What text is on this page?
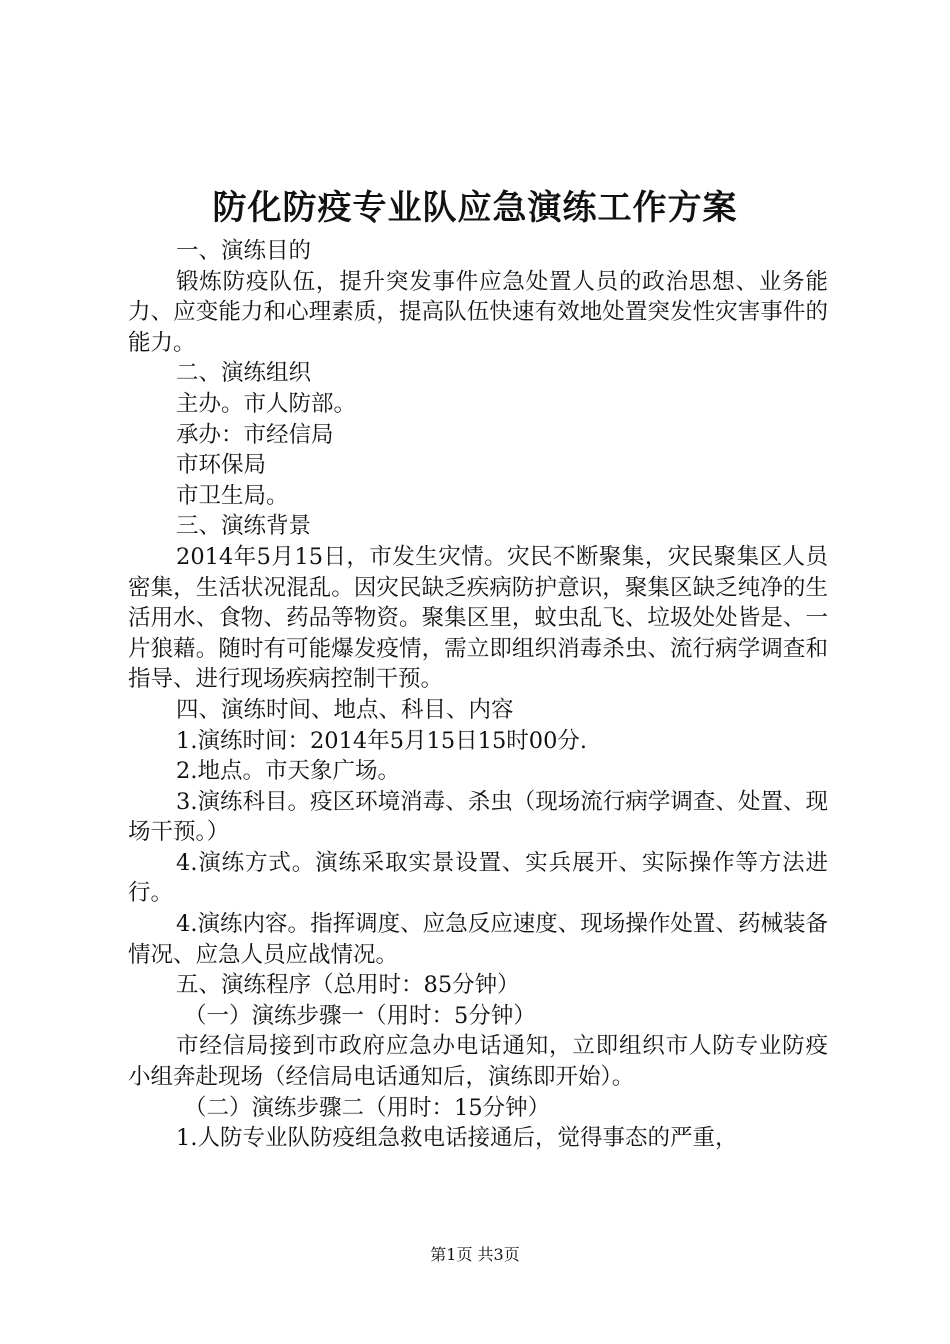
防化防疫专业队应急演练工作方案

一、演练目的

锻炼防疫队伍，提升突发事件应急处置人员的政治思想、业务能力、应变能力和心理素质，提高队伍快速有效地处置突发性灾害事件的能力。

二、演练组织

主办。市人防部。

承办：市经信局

市环保局

市卫生局。

三、演练背景

2014年5月15日，市发生灾情。灾民不断聚集，灾民聚集区人员密集，生活状况混乱。因灾民缺乏疾病防护意识，聚集区缺乏纯净的生活用水、食物、药品等物资。聚集区里，蚊虫乱飞、垃圾处处皆是、一片狼藉。随时有可能爆发疫情，需立即组织消毒杀虫、流行病学调查和指导、进行现场疾病控制干预。

四、演练时间、地点、科目、内容

1.演练时间：2014年5月15日15时00分.

2.地点。市天象广场。

3.演练科目。疫区环境消毒、杀虫（现场流行病学调查、处置、现场干预。）

4.演练方式。演练采取实景设置、实兵展开、实际操作等方法进行。

4.演练内容。指挥调度、应急反应速度、现场操作处置、药械装备情况、应急人员应战情况。

五、演练程序（总用时：85分钟）

（一）演练步骤一（用时：5分钟）

市经信局接到市政府应急办电话通知，立即组织市人防专业防疫小组奔赴现场（经信局电话通知后，演练即开始）。

（二）演练步骤二（用时：15分钟）

1.人防专业队防疫组急救电话接通后，觉得事态的严重，

第1页 共3页
